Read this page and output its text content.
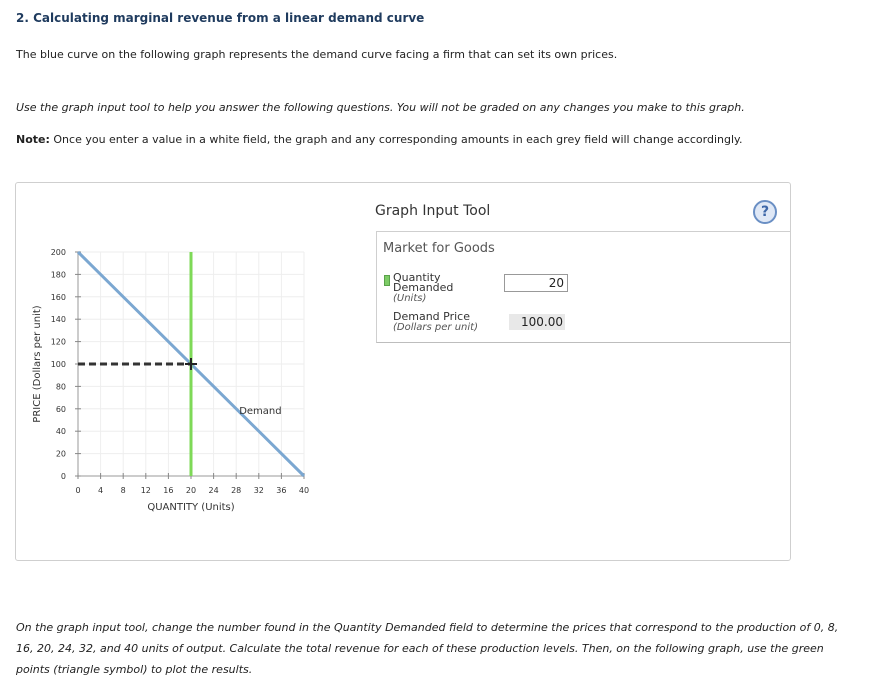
2. Calculating marginal revenue from a linear demand curve
The blue curve on the following graph represents the demand curve facing a firm that can set its own prices.
Use the graph input tool to help you answer the following questions. You will not be graded on any changes you make to this graph.
Note: Once you enter a value in a white field, the graph and any corresponding amounts in each grey field will change accordingly.
0 4 8 12 16 20 24 28 32 36 40
0
20
40
60
80
100
120
140
160
180
200
QUANTITY (Units)
PRICE (Dollars per unit)	Demand
Graph Input Tool	?
Market for Goods
Quantity
Demanded
(Units)
20
Demand Price
(Dollars per unit)	100.00
On the graph input tool, change the number found in the Quantity Demanded field to determine the prices that correspond to the production of 0, 8, 16, 20, 24, 32, and 40 units of output. Calculate the total revenue for each of these production levels. Then, on the following graph, use the green points (triangle symbol) to plot the results.
